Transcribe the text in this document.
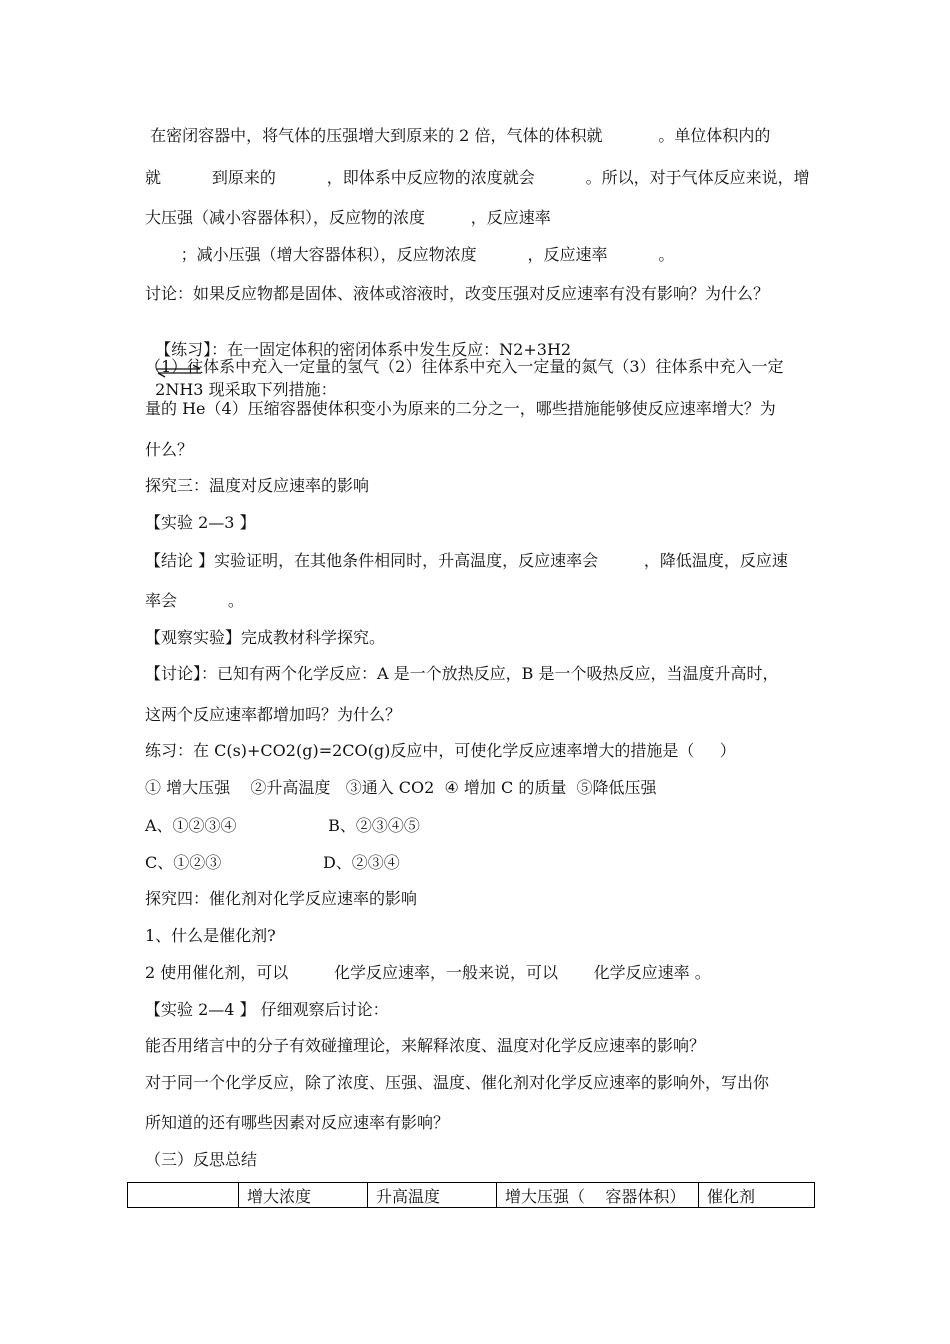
在密闭容器中，将气体的压强增大到原来的 2 倍，气体的体积就           。单位体积内的
就          到原来的          ，即体系中反应物的浓度就会          。所以，对于气体反应来说，增
大压强（减小容器体积），反应物的浓度         ，反应速率
；减小压强（增大容器体积），反应物浓度          ，反应速率          。
讨论：如果反应物都是固体、液体或溶液时，改变压强对反应速率有没有影响？为什么？

【练习】：在一固定体积的密闭体系中发生反应：N2+3H2

2NH3 现采取下列措施：

（1）往体系中充入一定量的氢气（2）往体系中充入一定量的氮气（3）往体系中充入一定
量的 He（4）压缩容器使体积变小为原来的二分之一，哪些措施能够使反应速率增大？为
什么？
探究三：温度对反应速率的影响
【实验 2—3 】
【结论 】实验证明，在其他条件相同时，升高温度，反应速率会         ，降低温度，反应速
率会          。
【观察实验】完成教材科学探究。
【讨论】：已知有两个化学反应：A 是一个放热反应，B 是一个吸热反应，当温度升高时，
这两个反应速率都增加吗？为什么？
练习：在 C(s)+CO2(g)=2CO(g)反应中，可使化学反应速率增大的措施是（     ）
① 增大压强    ②升高温度   ③通入 CO2  ④ 增加 C 的质量  ⑤降低压强
A、①②③④                  B、②③④⑤
C、①②③                    D、②③④
探究四：催化剂对化学反应速率的影响
1、什么是催化剂?
2 使用催化剂，可以         化学反应速率，一般来说，可以       化学反应速率 。
【实验 2—4 】 仔细观察后讨论：
能否用绪言中的分子有效碰撞理论，来解释浓度、温度对化学反应速率的影响？
对于同一个化学反应，除了浓度、压强、温度、催化剂对化学反应速率的影响外，写出你
所知道的还有哪些因素对反应速率有影响？
（三）反思总结
	增大浓度	升高温度	增大压强（    容器体积）	催化剂
